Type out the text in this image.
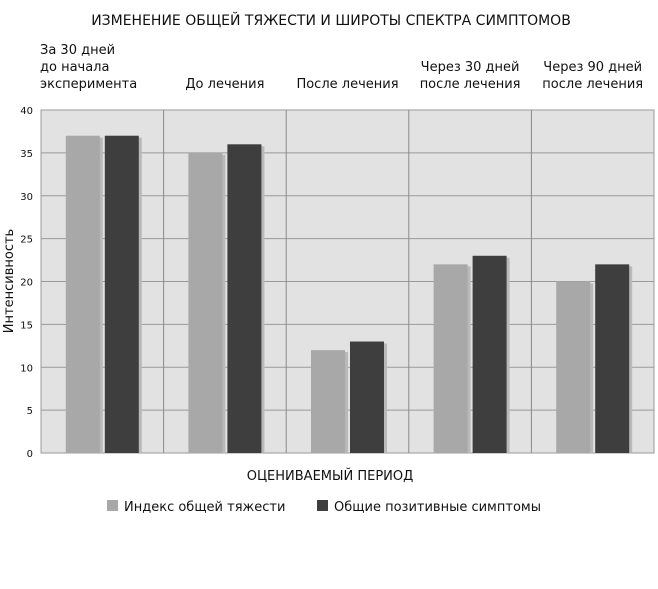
ИЗМЕНЕНИЕ ОБЩЕЙ ТЯЖЕСТИ И ШИРОТЫ СПЕКТРА СИМПТОМОВ
0
5
10
15
20
25
30
35
40
За 30 дней до начала эксперимента	До лечения После лечения
Через 30 дней после лечения
Через 90 дней после лечения
Интенсивность
ОЦЕНИВАЕМЫЙ ПЕРИОД
Индекс общей тяжести	Общие позитивные симптомы
